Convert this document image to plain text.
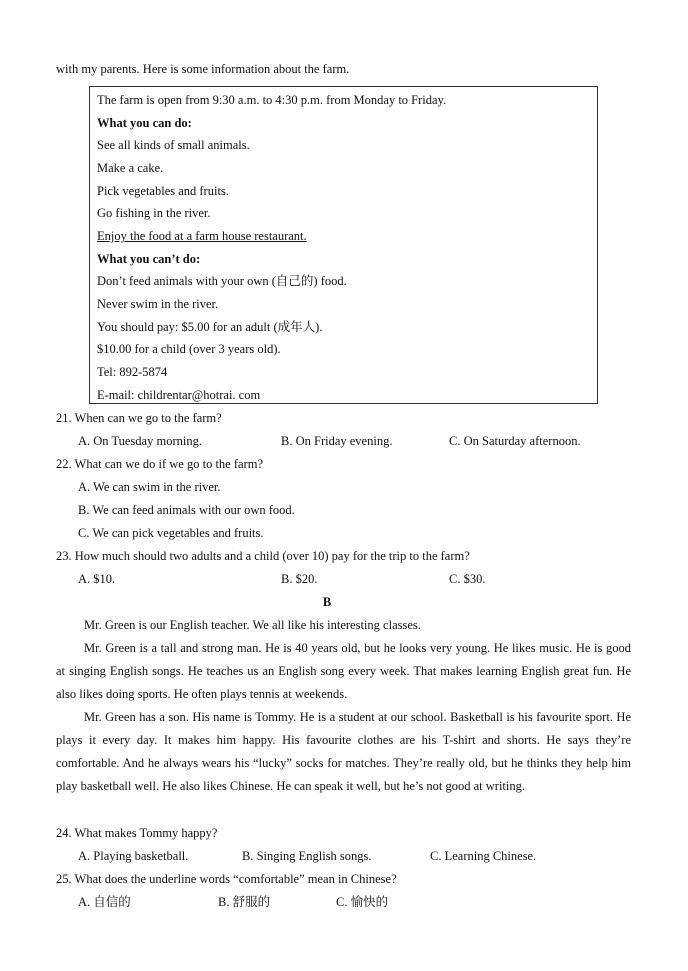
with my parents. Here is some information about the farm.
The farm is open from 9:30 a.m. to 4:30 p.m. from Monday to Friday.
What you can do:
See all kinds of small animals.
Make a cake.
Pick vegetables and fruits.
Go fishing in the river.
Enjoy the food at a farm house restaurant.
What you can’t do:
Don’t feed animals with your own (自己的) food.
Never swim in the river.
You should pay: $5.00 for an adult (成年人).
$10.00 for a child (over 3 years old).
Tel: 892-5874
E-mail: childrentar@hotrai. com
21. When can we go to the farm?
A. On Tuesday morning.	B. On Friday evening.	C. On Saturday afternoon.
22. What can we do if we go to the farm?
A. We can swim in the river.
B. We can feed animals with our own food.
C. We can pick vegetables and fruits.
23. How much should two adults and a child (over 10) pay for the trip to the farm?
A. $10.	B. $20.	C. $30.
B
Mr. Green is our English teacher. We all like his interesting classes.
Mr. Green is a tall and strong man. He is 40 years old, but he looks very young. He likes music. He is good at singing English songs. He teaches us an English song every week. That makes learning English great fun. He also likes doing sports. He often plays tennis at weekends.
Mr. Green has a son. His name is Tommy. He is a student at our school. Basketball is his favourite sport. He plays it every day. It makes him happy. His favourite clothes are his T-shirt and shorts. He says they’re comfortable. And he always wears his “lucky” socks for matches. They’re really old, but he thinks they help him play basketball well. He also likes Chinese. He can speak it well, but he’s not good at writing.
24. What makes Tommy happy?
A. Playing basketball.	B. Singing English songs.	C. Learning Chinese.
25. What does the underline words “comfortable” mean in Chinese?
A. 自信的	B. 舒服的	C. 愉快的
